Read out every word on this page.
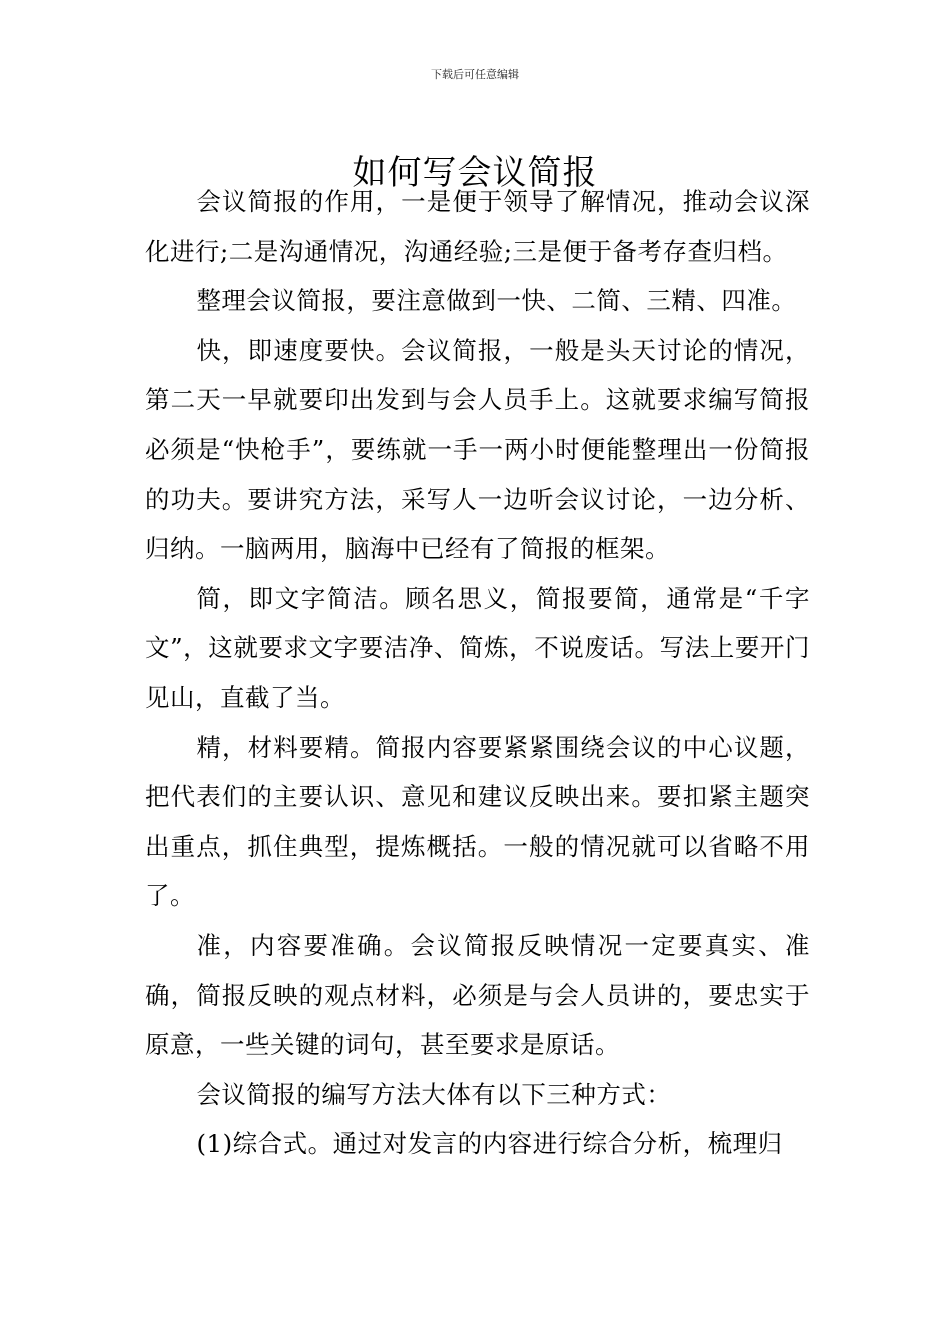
下载后可任意编辑
如何写会议简报

会议简报的作用，一是便于领导了解情况，推动会议深化进行;二是沟通情况，沟通经验;三是便于备考存查归档。

整理会议简报，要注意做到一快、二简、三精、四准。

快，即速度要快。会议简报，一般是头天讨论的情况，第二天一早就要印出发到与会人员手上。这就要求编写简报必须是“快枪手”，要练就一手一两小时便能整理出一份简报的功夫。要讲究方法，采写人一边听会议讨论，一边分析、归纳。一脑两用，脑海中已经有了简报的框架。

简，即文字简洁。顾名思义，简报要简，通常是“千字文”，这就要求文字要洁净、简炼，不说废话。写法上要开门见山，直截了当。

精，材料要精。简报内容要紧紧围绕会议的中心议题，把代表们的主要认识、意见和建议反映出来。要扣紧主题突出重点，抓住典型，提炼概括。一般的情况就可以省略不用了。

准，内容要准确。会议简报反映情况一定要真实、准确，简报反映的观点材料，必须是与会人员讲的，要忠实于原意，一些关键的词句，甚至要求是原话。

会议简报的编写方法大体有以下三种方式：

(1)综合式。通过对发言的内容进行综合分析，梳理归
